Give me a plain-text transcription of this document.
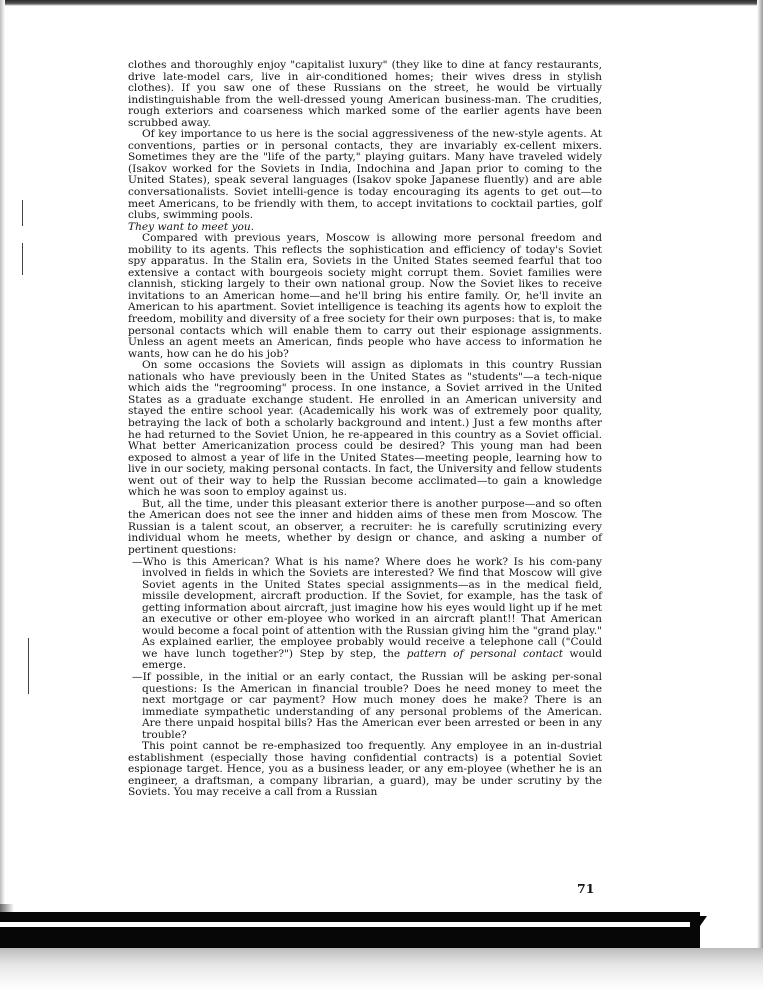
clothes and thoroughly enjoy "capitalist luxury" (they like to dine at fancy restaurants, drive late-model cars, live in air-conditioned homes; their wives dress in stylish clothes). If you saw one of these Russians on the street, he would be virtually indistinguishable from the well-dressed young American business-man. The crudities, rough exteriors and coarseness which marked some of the earlier agents have been scrubbed away.

Of key importance to us here is the social aggressiveness of the new-style agents. At conventions, parties or in personal contacts, they are invariably ex-cellent mixers. Sometimes they are the "life of the party," playing guitars. Many have traveled widely (Isakov worked for the Soviets in India, Indochina and Japan prior to coming to the United States), speak several languages (Isakov spoke Japanese fluently) and are able conversationalists. Soviet intelli-gence is today encouraging its agents to get out—to meet Americans, to be friendly with them, to accept invitations to cocktail parties, golf clubs, swimming pools.

They want to meet you.

Compared with previous years, Moscow is allowing more personal freedom and mobility to its agents. This reflects the sophistication and efficiency of today's Soviet spy apparatus. In the Stalin era, Soviets in the United States seemed fearful that too extensive a contact with bourgeois society might corrupt them. Soviet families were clannish, sticking largely to their own national group. Now the Soviet likes to receive invitations to an American home—and he'll bring his entire family. Or, he'll invite an American to his apartment. Soviet intelligence is teaching its agents how to exploit the freedom, mobility and diversity of a free society for their own purposes: that is, to make personal contacts which will enable them to carry out their espionage assignments. Unless an agent meets an American, finds people who have access to information he wants, how can he do his job?

On some occasions the Soviets will assign as diplomats in this country Russian nationals who have previously been in the United States as "students"—a tech-nique which aids the "regrooming" process. In one instance, a Soviet arrived in the United States as a graduate exchange student. He enrolled in an American university and stayed the entire school year. (Academically his work was of extremely poor quality, betraying the lack of both a scholarly background and intent.) Just a few months after he had returned to the Soviet Union, he re-appeared in this country as a Soviet official. What better Americanization process could be desired? This young man had been exposed to almost a year of life in the United States—meeting people, learning how to live in our society, making personal contacts. In fact, the University and fellow students went out of their way to help the Russian become acclimated—to gain a knowledge which he was soon to employ against us.

But, all the time, under this pleasant exterior there is another purpose—and so often the American does not see the inner and hidden aims of these men from Moscow. The Russian is a talent scout, an observer, a recruiter: he is carefully scrutinizing every individual whom he meets, whether by design or chance, and asking a number of pertinent questions:

—Who is this American? What is his name? Where does he work? Is his com-pany involved in fields in which the Soviets are interested? We find that Moscow will give Soviet agents in the United States special assignments—as in the medical field, missile development, aircraft production. If the Soviet, for example, has the task of getting information about aircraft, just imagine how his eyes would light up if he met an executive or other em-ployee who worked in an aircraft plant!! That American would become a focal point of attention with the Russian giving him the "grand play." As explained earlier, the employee probably would receive a telephone call ("Could we have lunch together?") Step by step, the pattern of personal contact would emerge.

—If possible, in the initial or an early contact, the Russian will be asking per-sonal questions: Is the American in financial trouble? Does he need money to meet the next mortgage or car payment? How much money does he make? There is an immediate sympathetic understanding of any personal problems of the American. Are there unpaid hospital bills? Has the American ever been arrested or been in any trouble?

This point cannot be re-emphasized too frequently. Any employee in an in-dustrial establishment (especially those having confidential contracts) is a potential Soviet espionage target. Hence, you as a business leader, or any em-ployee (whether he is an engineer, a draftsman, a company librarian, a guard), may be under scrutiny by the Soviets. You may receive a call from a Russian

71
